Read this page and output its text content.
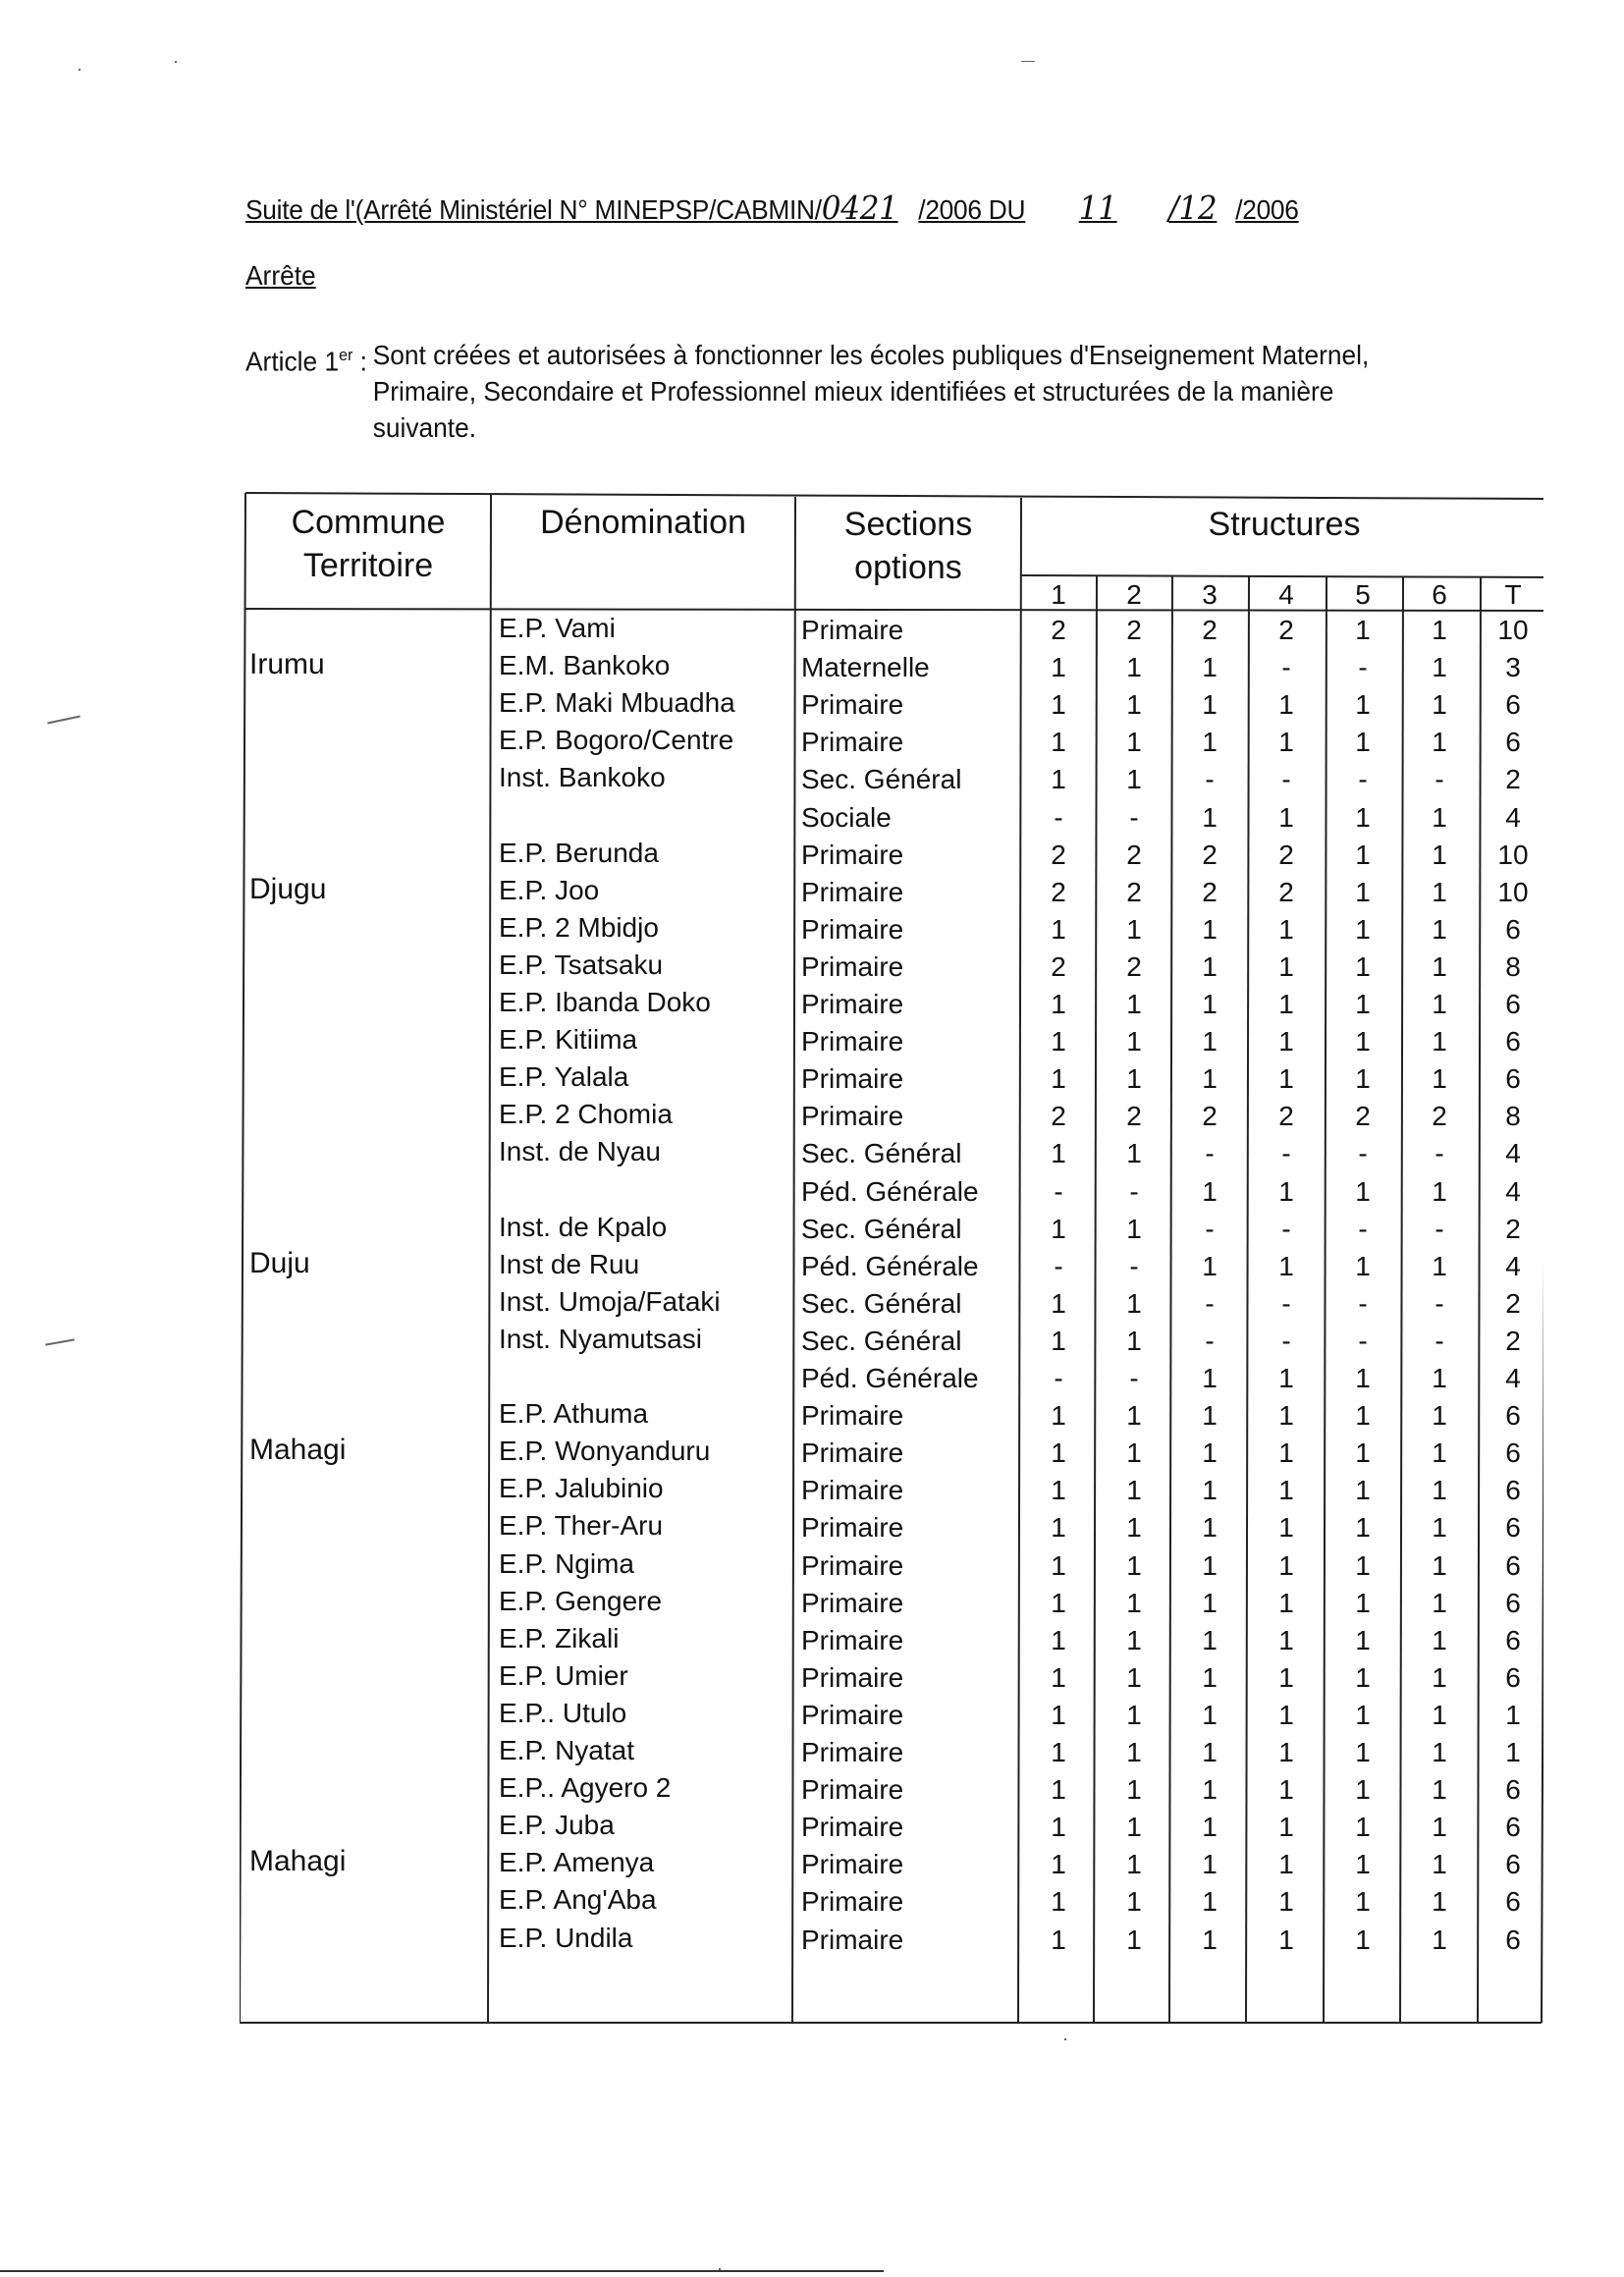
Suite de l'(Arrêté Ministériel N° MINEPSP/CABMIN/0421 /2006 DU 11 /12 /2006
Arrête
Article 1er : Sont créées et autorisées à fonctionner les écoles publiques d'Enseignement Maternel, Primaire, Secondaire et Professionnel mieux identifiées et structurées de la manière suivante.
Commune
Territoire
Dénomination	Sections
options
Structures
1	2	3	4	5	6	T
Irumu
E.P. Vami	Primaire	2	2	2	2	1	1	10
E.M. Bankoko	Maternelle	1	1	1	-	-	1	3
E.P. Maki Mbuadha Primaire	1	1	1	1	1	1	6
E.P. Bogoro/Centre Primaire	1	1	1	1	1	1	6
Inst. Bankoko	Sec. Général	1	1	-	-	-	-	2
Sociale	-	-	1	1	1	1	4
Djugu
E.P. Berunda	Primaire	2	2	2	2	1	1	10
E.P. Joo	Primaire	2	2	2	2	1	1	10
E.P. 2 Mbidjo	Primaire	1	1	1	1	1	1	6
E.P. Tsatsaku	Primaire	2	2	1	1	1	1	8
E.P. Ibanda Doko	Primaire	1	1	1	1	1	1	6
E.P. Kitiima	Primaire	1	1	1	1	1	1	6
E.P. Yalala	Primaire	1	1	1	1	1	1	6
E.P. 2 Chomia	Primaire	2	2	2	2	2	2	8
Inst. de Nyau	Sec. Général	1	1	-	-	-	-	4
Péd. Générale	-	-	1	1	1	1	4
Duju
Inst. de Kpalo	Sec. Général	1	1	-	-	-	-	2
Inst de Ruu	Péd. Générale	-	-	1	1	1	1	4
Inst. Umoja/Fataki	Sec. Général	1	1	-	-	-	-	2
Inst. Nyamutsasi	Sec. Général	1	1	-	-	-	-	2
Péd. Générale	-	-	1	1	1	1	4
Mahagi
E.P. Athuma	Primaire	1	1	1	1	1	1	6
E.P. Wonyanduru	Primaire	1	1	1	1	1	1	6
E.P. Jalubinio	Primaire	1	1	1	1	1	1	6
E.P. Ther-Aru	Primaire	1	1	1	1	1	1	6
E.P. Ngima	Primaire	1	1	1	1	1	1	6
E.P. Gengere	Primaire	1	1	1	1	1	1	6
E.P. Zikali	Primaire	1	1	1	1	1	1	6
E.P. Umier	Primaire	1	1	1	1	1	1	6
E.P.. Utulo	Primaire	1	1	1	1	1	1	1
E.P. Nyatat	Primaire	1	1	1	1	1	1	1
E.P.. Agyero 2	Primaire	1	1	1	1	1	1	6
Mahagi
E.P. Juba	Primaire	1	1	1	1	1	1	6
E.P. Amenya	Primaire	1	1	1	1	1	1	6
E.P. Ang'Aba	Primaire	1	1	1	1	1	1	6
E.P. Undila	Primaire	1	1	1	1	1	1	6
